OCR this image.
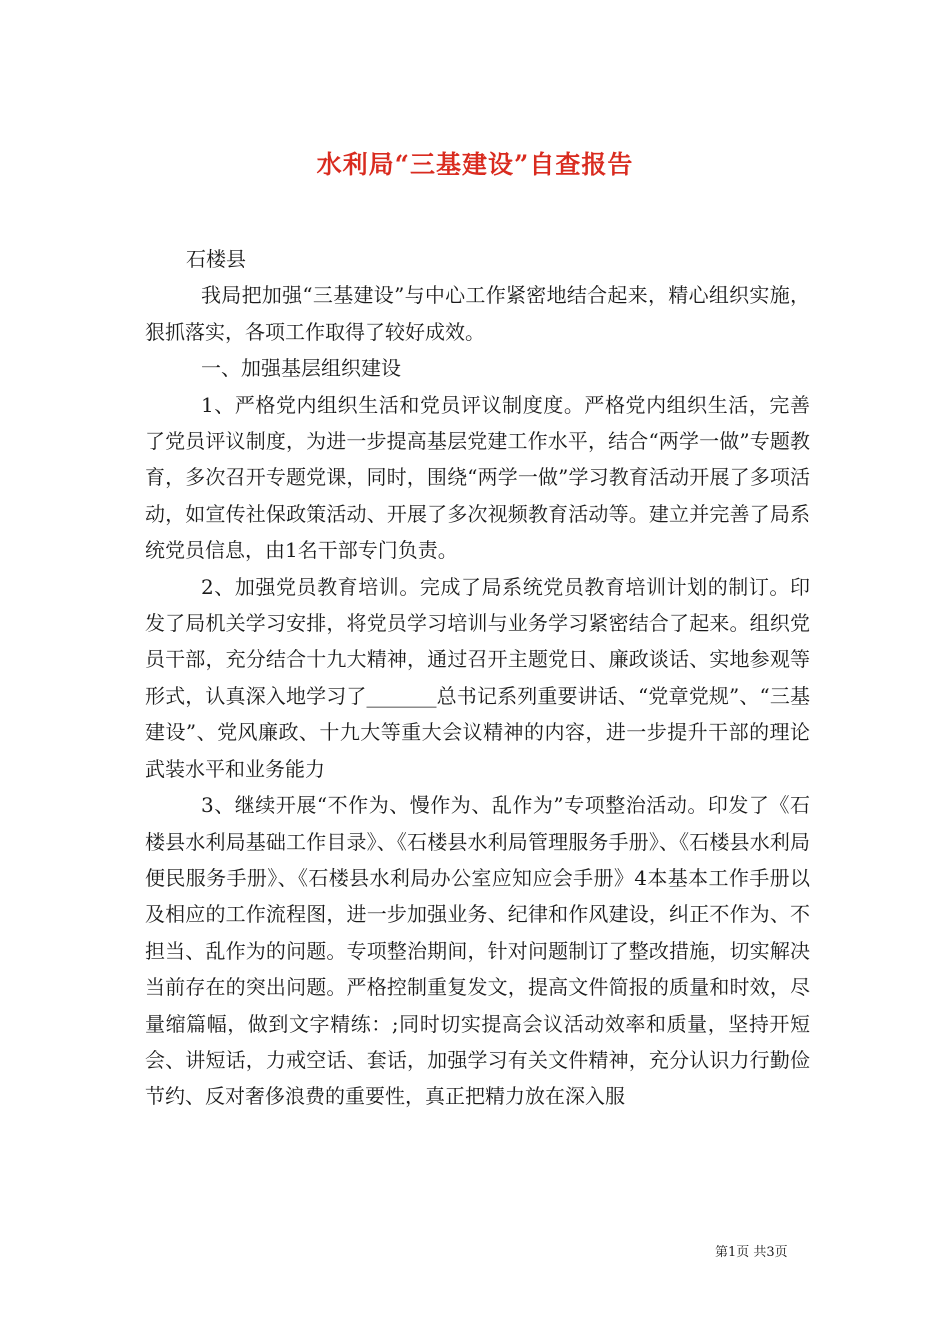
水利局“三基建设”自查报告

石楼县

我局把加强“三基建设”与中心工作紧密地结合起来，精心组织实施，狠抓落实，各项工作取得了较好成效。

一、加强基层组织建设

1、严格党内组织生活和党员评议制度度。严格党内组织生活，完善了党员评议制度，为进一步提高基层党建工作水平，结合“两学一做”专题教育，多次召开专题党课，同时，围绕“两学一做”学习教育活动开展了多项活动，如宣传社保政策活动、开展了多次视频教育活动等。建立并完善了局系统党员信息，由1名干部专门负责。

2、加强党员教育培训。完成了局系统党员教育培训计划的制订。印发了局机关学习安排，将党员学习培训与业务学习紧密结合了起来。组织党员干部，充分结合十九大精神，通过召开主题党日、廉政谈话、实地参观等形式，认真深入地学习了_______总书记系列重要讲话、“党章党规”、“三基建设”、党风廉政、十九大等重大会议精神的内容，进一步提升干部的理论武装水平和业务能力

3、继续开展“不作为、慢作为、乱作为”专项整治活动。印发了《石楼县水利局基础工作目录》、《石楼县水利局管理服务手册》、《石楼县水利局便民服务手册》、《石楼县水利局办公室应知应会手册》4本基本工作手册以及相应的工作流程图，进一步加强业务、纪律和作风建设，纠正不作为、不担当、乱作为的问题。专项整治期间，针对问题制订了整改措施，切实解决当前存在的突出问题。严格控制重复发文，提高文件简报的质量和时效，尽量缩篇幅，做到文字精练：;同时切实提高会议活动效率和质量，坚持开短会、讲短话，力戒空话、套话，加强学习有关文件精神，充分认识力行勤俭节约、反对奢侈浪费的重要性，真正把精力放在深入服

第1页 共3页
